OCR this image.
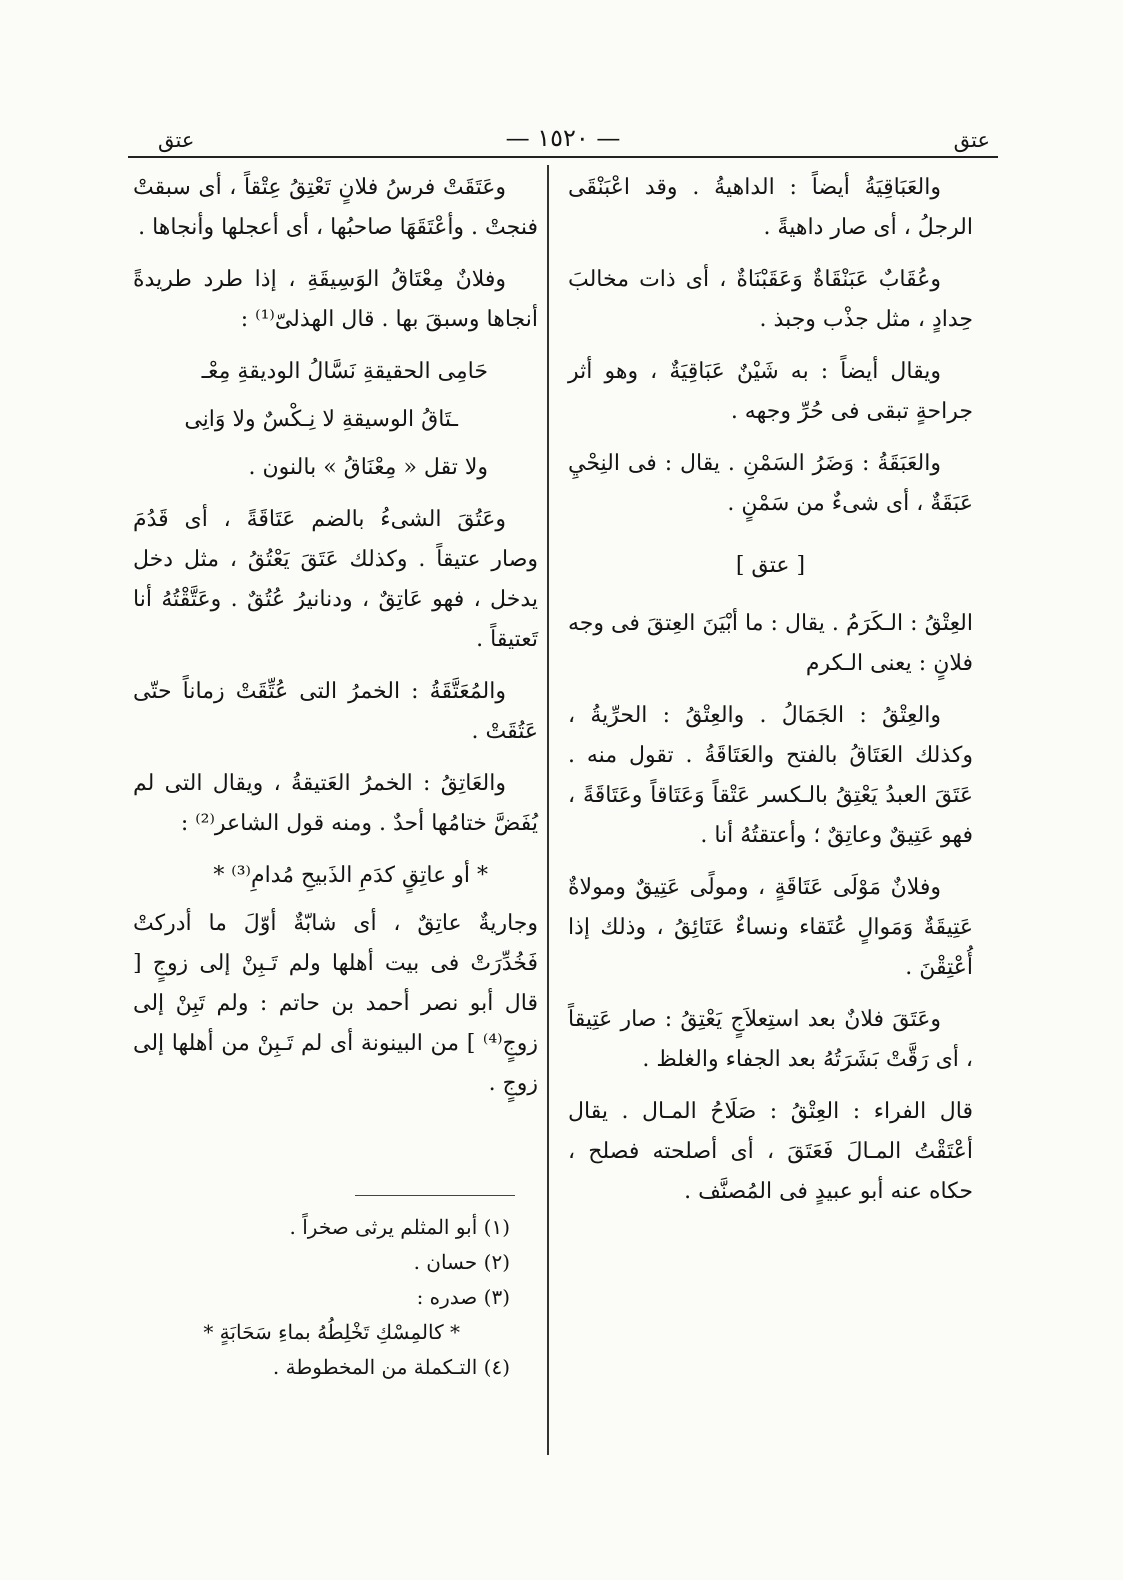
عتق
— ١٥٢٠ —
عتق

والعَبَاقِيَةُ أيضاً : الداهيةُ . وقد اعْبَنْقَى الرجلُ ، أى صار داهيةً .

وعُقَابٌ عَبَنْقَاةٌ وَعَقَبْنَاةٌ ، أى ذات مخالبَ حِدادٍ ، مثل جذْب وجبذ .

ويقال أيضاً : به شَيْنٌ عَبَاقِيَةٌ ، وهو أثر جراحةٍ تبقى فى حُرِّ وجهه .

والعَبَقَةُ : وَضَرُ السَمْنِ . يقال : فى النِحْيِ عَبَقَةٌ ، أى شىءٌ من سَمْنٍ .

[ عتق ]

العِتْقُ : الـكَرَمُ . يقال : ما أبْيَنَ العِتقَ فى وجه فلانٍ : يعنى الـكرم

والعِتْقُ : الجَمَالُ . والعِتْقُ : الحرِّيةُ ، وكذلك العَتَاقُ بالفتح والعَتَاقَةُ . تقول منه . عَتَقَ العبدُ يَعْتِقُ بالـكسر عَتْقاً وَعَتَاقاً وعَتَاقَةً ، فهو عَتِيقٌ وعاتِقٌ ؛ وأعتقتُهُ أنا .

وفلانٌ مَوْلَى عَتَاقَةٍ ، ومولًى عَتِيقٌ ومولاةٌ عَتِيقَةٌ وَمَوالٍ عُتَقاء ونساءٌ عَتَائِقُ ، وذلك إذا أُعْتِقْنَ .

وعَتَقَ فلانٌ بعد استِعلاَجٍ يَعْتِقُ : صار عَتِيقاً ، أى رَقَّتْ بَشَرَتُهُ بعد الجفاء والغلظ .

قال الفراء : العِتْقُ : صَلَاحُ المـال . يقال أعْتَقْتُ المـالَ فَعَتَقَ ، أى أصلحته فصلح ، حكاه عنه أبو عبيدٍ فى المُصنَّف .

وعَتَقَتْ فرسُ فلانٍ تَعْتِقُ عِتْقاً ، أى سبقتْ فنجتْ . وأعْتَقَهَا صاحبُها ، أى أعجلها وأنجاها .

وفلانٌ مِعْتَاقُ الوَسِيقَةِ ، إذا طرد طريدةً أنجاها وسبقَ بها . قال الهذلىّ⁽¹⁾ :

حَامِى الحقيقةِ نَسَّالُ الوديقةِ مِعْـ

ـتَاقُ الوسيقةِ لا نِـكْسٌ ولا وَانِى

ولا تقل « مِعْنَاقُ » بالنون .

وعَتُقَ الشىءُ بالضم عَتَاقَةً ، أى قَدُمَ وصار عتيقاً . وكذلك عَتَقَ يَعْتُقُ ، مثل دخل يدخل ، فهو عَاتِقٌ ، ودنانيرُ عُتُقٌ . وعَتَّقْتُهُ أنا تَعتيقاً .

والمُعَتَّقَةُ : الخمرُ التى عُتِّقَتْ زماناً حتّى عَتُقَتْ .

والعَاتِقُ : الخمرُ العَتيقةُ ، ويقال التى لم يُفَضَّ ختامُها أحدٌ . ومنه قول الشاعر⁽²⁾ :

* أو عاتِقٍ كدَمِ الذَبيحِ مُدامِ⁽³⁾ *

وجاريةٌ عاتِقٌ ، أى شابّةٌ أوّلَ ما أدركتْ فَخُدِّرَتْ فى بيت أهلها ولم تَـبِنْ إلى زوجٍ [ قال أبو نصر أحمد بن حاتم : ولم تَبِنْ إلى زوجٍ⁽⁴⁾ ] من البينونة أى لم تَـبِنْ من أهلها إلى زوجٍ .

(١) أبو المثلم يرثى صخراً .

(٢) حسان .

(٣) صدره :

* كالمِسْكِ تَخْلِطُهُ بماءِ سَحَابَةٍ *

(٤) التـكملة من المخطوطة .
